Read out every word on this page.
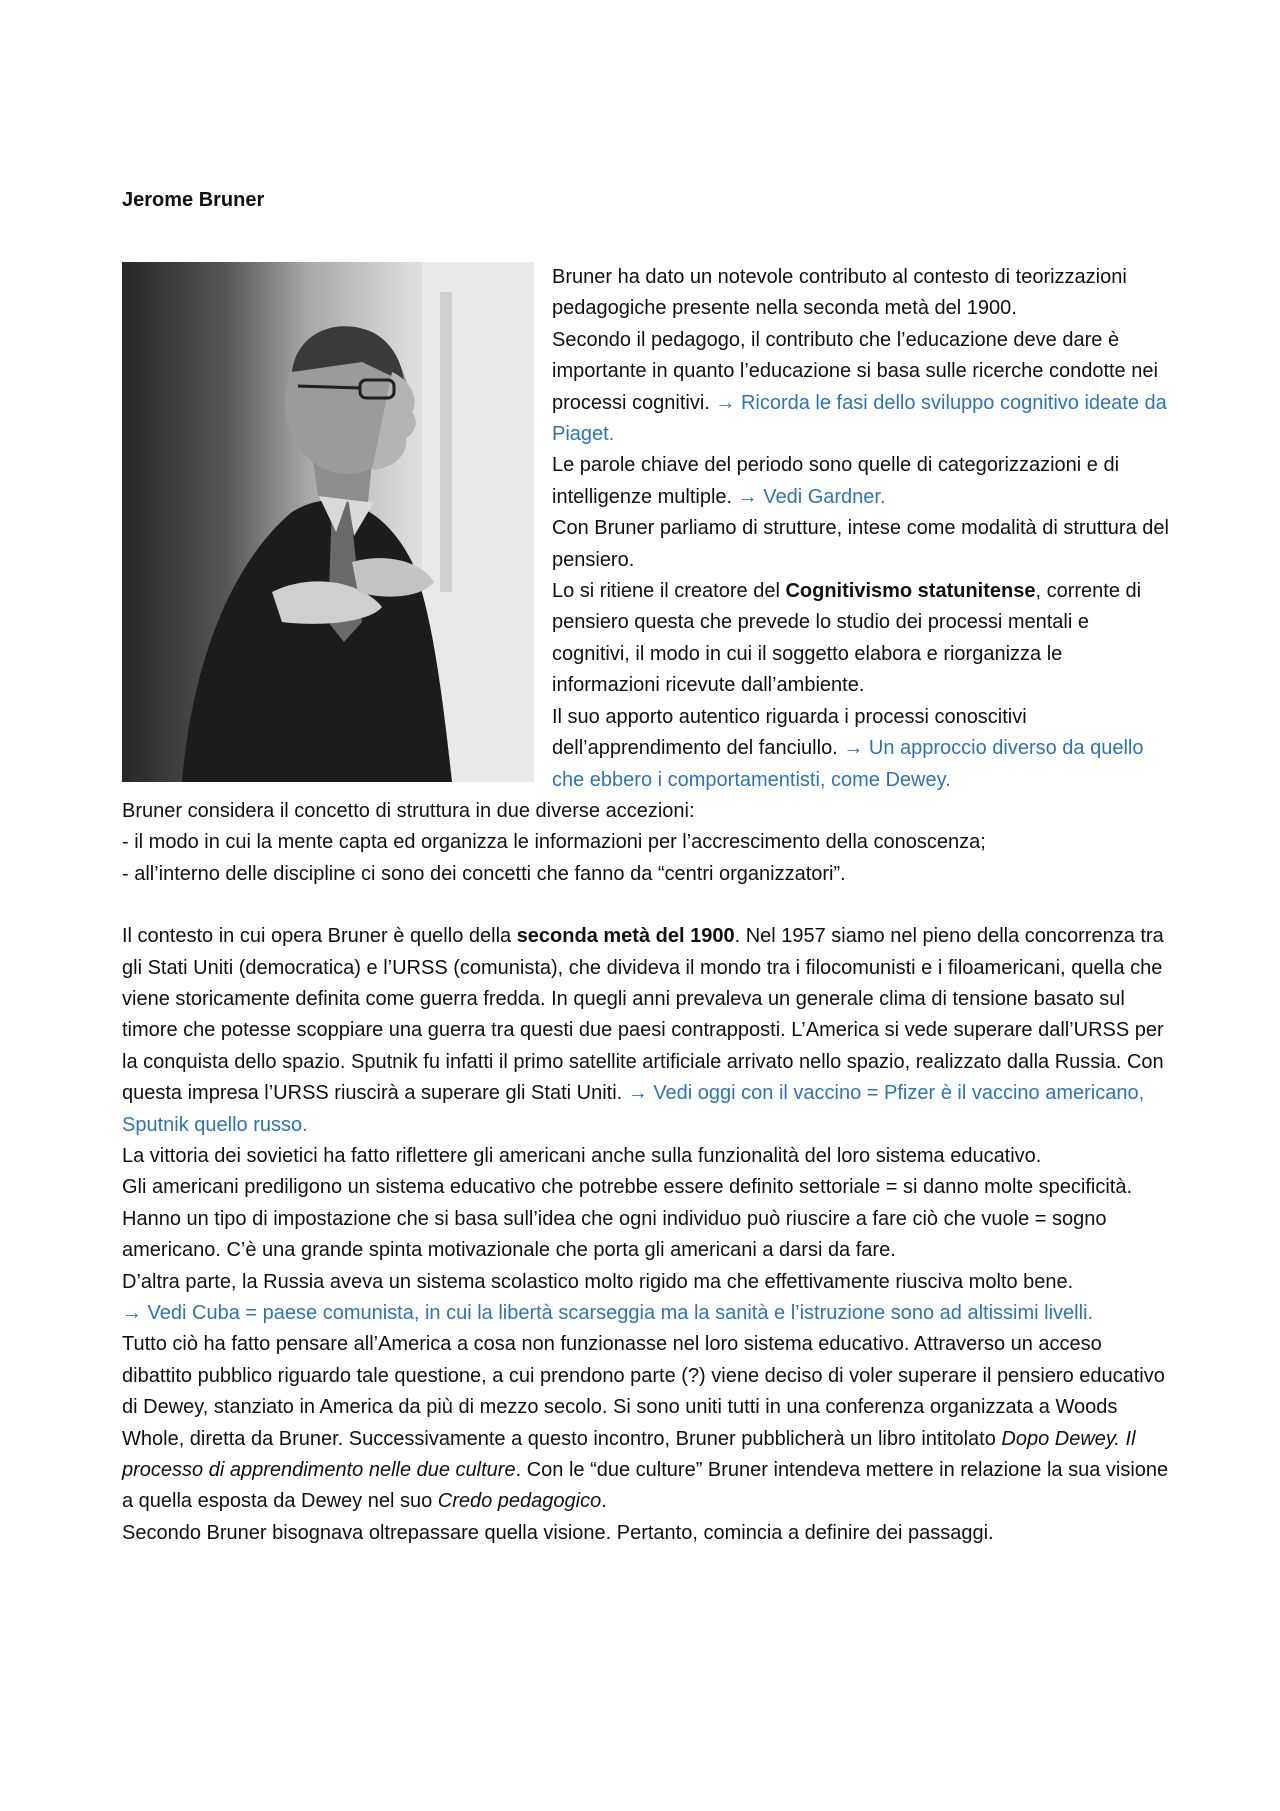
Jerome Bruner

Bruner ha dato un notevole contributo al contesto di teorizzazioni pedagogiche presente nella seconda metà del 1900.

Secondo il pedagogo, il contributo che l’educazione deve dare è importante in quanto l’educazione si basa sulle ricerche condotte nei processi cognitivi. → Ricorda le fasi dello sviluppo cognitivo ideate da Piaget.

Le parole chiave del periodo sono quelle di categorizzazioni e di intelligenze multiple. → Vedi Gardner.

Con Bruner parliamo di strutture, intese come modalità di struttura del pensiero.

Lo si ritiene il creatore del Cognitivismo statunitense, corrente di pensiero questa che prevede lo studio dei processi mentali e cognitivi, il modo in cui il soggetto elabora e riorganizza le informazioni ricevute dall’ambiente.

Il suo apporto autentico riguarda i processi conoscitivi dell’apprendimento del fanciullo. → Un approccio diverso da quello che ebbero i comportamentisti, come Dewey.

Bruner considera il concetto di struttura in due diverse accezioni:

- il modo in cui la mente capta ed organizza le informazioni per l’accrescimento della conoscenza;

- all’interno delle discipline ci sono dei concetti che fanno da “centri organizzatori”.

Il contesto in cui opera Bruner è quello della seconda metà del 1900. Nel 1957 siamo nel pieno della concorrenza tra gli Stati Uniti (democratica) e l’URSS (comunista), che divideva il mondo tra i filocomunisti e i filoamericani, quella che viene storicamente definita come guerra fredda. In quegli anni prevaleva un generale clima di tensione basato sul timore che potesse scoppiare una guerra tra questi due paesi contrapposti. L’America si vede superare dall’URSS per la conquista dello spazio. Sputnik fu infatti il primo satellite artificiale arrivato nello spazio, realizzato dalla Russia. Con questa impresa l’URSS riuscirà a superare gli Stati Uniti. → Vedi oggi con il vaccino = Pfizer è il vaccino americano, Sputnik quello russo.

La vittoria dei sovietici ha fatto riflettere gli americani anche sulla funzionalità del loro sistema educativo.

Gli americani prediligono un sistema educativo che potrebbe essere definito settoriale = si danno molte specificità. Hanno un tipo di impostazione che si basa sull’idea che ogni individuo può riuscire a fare ciò che vuole = sogno americano. C’è una grande spinta motivazionale che porta gli americani a darsi da fare.

D’altra parte, la Russia aveva un sistema scolastico molto rigido ma che effettivamente riusciva molto bene.

→ Vedi Cuba = paese comunista, in cui la libertà scarseggia ma la sanità e l’istruzione sono ad altissimi livelli.

Tutto ciò ha fatto pensare all’America a cosa non funzionasse nel loro sistema educativo. Attraverso un acceso dibattito pubblico riguardo tale questione, a cui prendono parte (?) viene deciso di voler superare il pensiero educativo di Dewey, stanziato in America da più di mezzo secolo. Si sono uniti tutti in una conferenza organizzata a Woods Whole, diretta da Bruner. Successivamente a questo incontro, Bruner pubblicherà un libro intitolato Dopo Dewey. Il processo di apprendimento nelle due culture. Con le “due culture” Bruner intendeva mettere in relazione la sua visione a quella esposta da Dewey nel suo Credo pedagogico.

Secondo Bruner bisognava oltrepassare quella visione. Pertanto, comincia a definire dei passaggi.
